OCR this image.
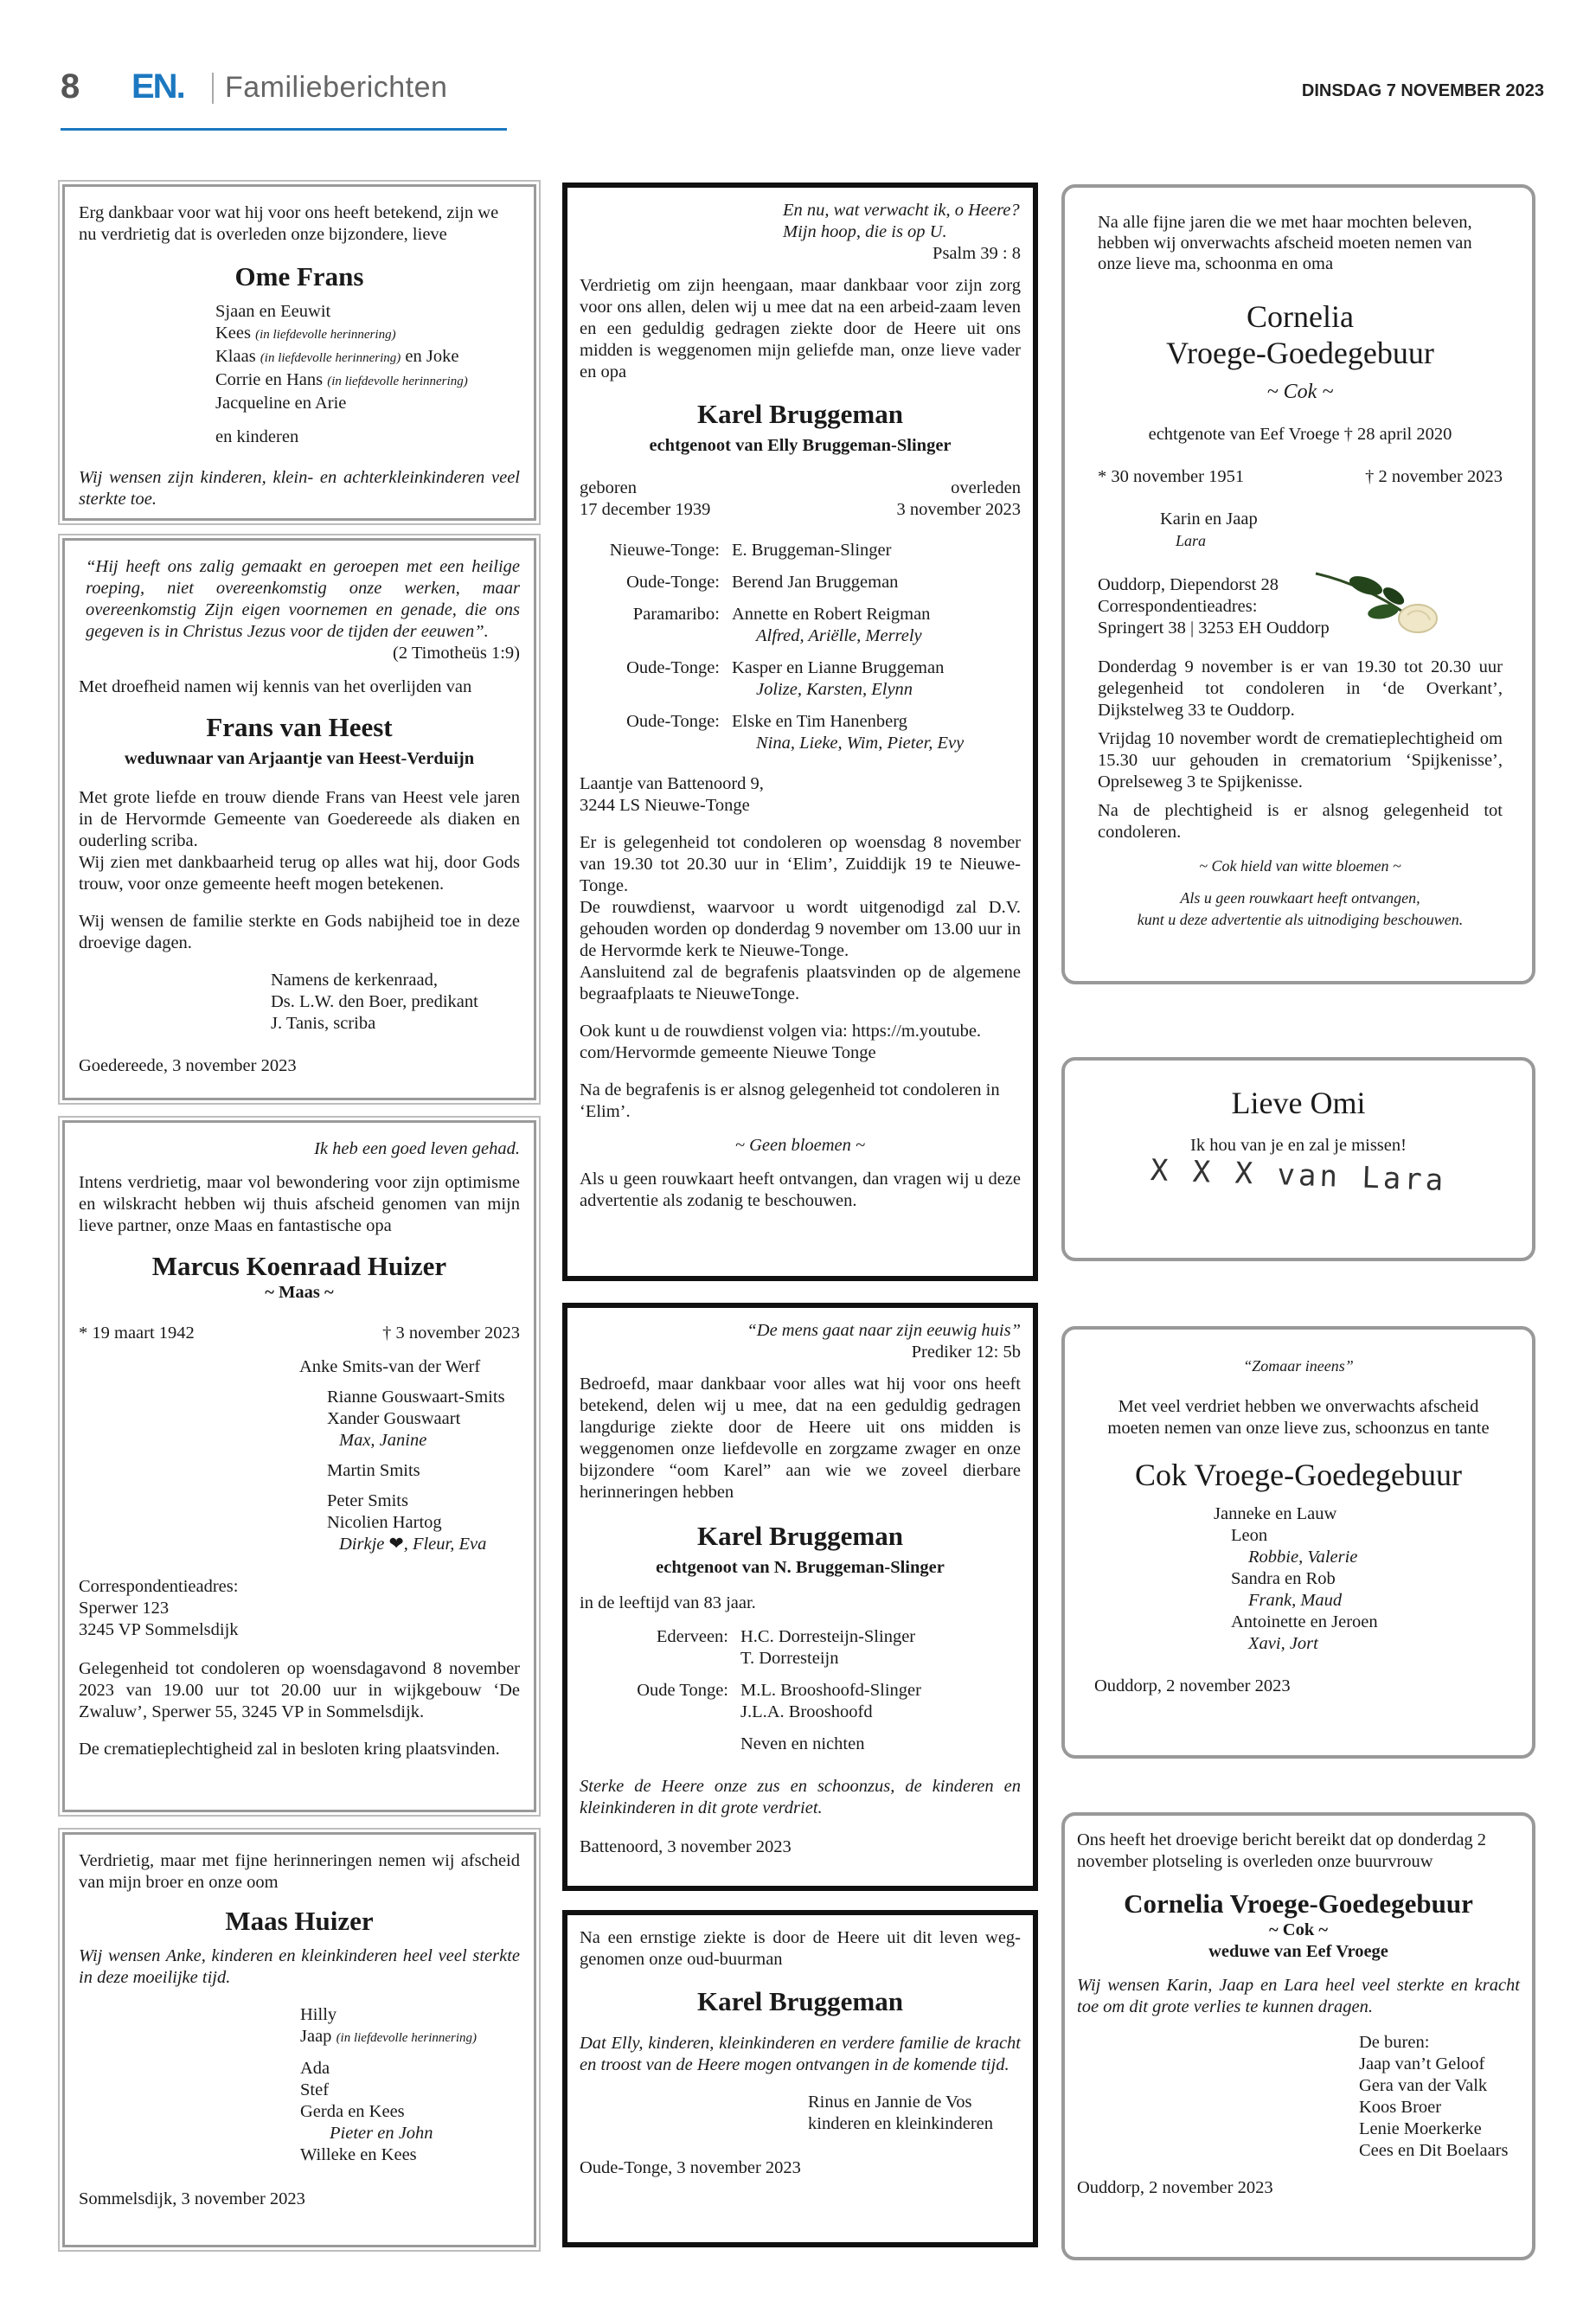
8 EN. Familieberichten	DINSDAG 7 NOVEMBER 2023

Erg dankbaar voor wat hij voor ons heeft betekend, zijn we nu verdrietig dat is overleden onze bijzondere, lieve

Ome Frans

Sjaan en Eeuwit

Kees (in liefdevolle herinnering)

Klaas (in liefdevolle herinnering) en Joke

Corrie en Hans (in liefdevolle herinnering)

Jacqueline en Arie

en kinderen

Wij wensen zijn kinderen, klein- en achterkleinkinderen veel sterkte toe.

“Hij heeft ons zalig gemaakt en geroepen met een heilige roeping, niet overeenkomstig onze werken, maar overeenkomstig Zijn eigen voornemen en genade, die ons gegeven is in Christus Jezus voor de tijden der eeuwen”.

(2 Timotheüs 1:9)

Met droefheid namen wij kennis van het overlijden van

Frans van Heest
weduwnaar van Arjaantje van Heest-Verduijn

Met grote liefde en trouw diende Frans van Heest vele jaren in de Hervormde Gemeente van Goedereede als diaken en ouderling scriba.

Wij zien met dankbaarheid terug op alles wat hij, door Gods trouw, voor onze gemeente heeft mogen betekenen.

Wij wensen de familie sterkte en Gods nabijheid toe in deze droevige dagen.

Namens de kerkenraad,

Ds. L.W. den Boer, predikant

J. Tanis, scriba

Goedereede, 3 november 2023

Ik heb een goed leven gehad.

Intens verdrietig, maar vol bewondering voor zijn optimisme en wilskracht hebben wij thuis afscheid genomen van mijn lieve partner, onze Maas en fantastische opa

Marcus Koenraad Huizer
~ Maas ~
* 19 maart 1942	† 3 november 2023

Anke Smits-van der Werf

Rianne Gouswaart-Smits

Xander Gouswaart

Max, Janine

Martin Smits

Peter Smits

Nicolien Hartog

Dirkje ❤, Fleur, Eva

Correspondentieadres:

Sperwer 123

3245 VP Sommelsdijk

Gelegenheid tot condoleren op woensdagavond 8 november 2023 van 19.00 uur tot 20.00 uur in wijkgebouw ‘De Zwaluw’, Sperwer 55, 3245 VP in Sommelsdijk.

De crematieplechtigheid zal in besloten kring plaatsvinden.

Verdrietig, maar met fijne herinneringen nemen wij afscheid van mijn broer en onze oom

Maas Huizer

Wij wensen Anke, kinderen en kleinkinderen heel veel sterkte in deze moeilijke tijd.

Hilly

Jaap (in liefdevolle herinnering)

Ada

Stef

Gerda en Kees

Pieter en John

Willeke en Kees

Sommelsdijk, 3 november 2023

En nu, wat verwacht ik, o Heere?

Mijn hoop, die is op U.

Psalm 39 : 8

Verdrietig om zijn heengaan, maar dankbaar voor zijn zorg voor ons allen, delen wij u mee dat na een arbeid-zaam leven en een geduldig gedragen ziekte door de Heere uit ons midden is weggenomen mijn geliefde man, onze lieve vader en opa

Karel Bruggeman
echtgenoot van Elly Bruggeman-Slinger
geboren	overleden
17 december 1939	3 november 2023
Nieuwe-Tonge: E. Bruggeman-Slinger
Oude-Tonge: Berend Jan Bruggeman
Paramaribo: Annette en Robert Reigman
Alfred, Ariëlle, Merrely
Oude-Tonge: Kasper en Lianne Bruggeman
Jolize, Karsten, Elynn
Oude-Tonge: Elske en Tim Hanenberg
Nina, Lieke, Wim, Pieter, Evy

Laantje van Battenoord 9,

3244 LS Nieuwe-Tonge

Er is gelegenheid tot condoleren op woensdag 8 november van 19.30 tot 20.30 uur in ‘Elim’, Zuiddijk 19 te Nieuwe-Tonge.

De rouwdienst, waarvoor u wordt uitgenodigd zal D.V. gehouden worden op donderdag 9 november om 13.00 uur in de Hervormde kerk te Nieuwe-Tonge.

Aansluitend zal de begrafenis plaatsvinden op de algemene begraafplaats te NieuweTonge.

Ook kunt u de rouwdienst volgen via: https://m.youtube. com/Hervormde gemeente Nieuwe Tonge

Na de begrafenis is er alsnog gelegenheid tot condoleren in ‘Elim’.

~ Geen bloemen ~

Als u geen rouwkaart heeft ontvangen, dan vragen wij u deze advertentie als zodanig te beschouwen.

“De mens gaat naar zijn eeuwig huis”

Prediker 12: 5b

Bedroefd, maar dankbaar voor alles wat hij voor ons heeft betekend, delen wij u mee, dat na een geduldig gedragen langdurige ziekte door de Heere uit ons midden is weggenomen onze liefdevolle en zorgzame zwager en onze bijzondere “oom Karel” aan wie we zoveel dierbare herinneringen hebben

Karel Bruggeman
echtgenoot van N. Bruggeman-Slinger

in de leeftijd van 83 jaar.

Ederveen: H.C. Dorresteijn-Slinger
T. Dorresteijn
Oude Tonge: M.L. Brooshoofd-Slinger
J.L.A. Brooshoofd
Neven en nichten

Sterke de Heere onze zus en schoonzus, de kinderen en kleinkinderen in dit grote verdriet.

Battenoord, 3 november 2023

Na een ernstige ziekte is door de Heere uit dit leven weg-genomen onze oud-buurman

Karel Bruggeman

Dat Elly, kinderen, kleinkinderen en verdere familie de kracht en troost van de Heere mogen ontvangen in de komende tijd.

Rinus en Jannie de Vos

kinderen en kleinkinderen

Oude-Tonge, 3 november 2023

Na alle fijne jaren die we met haar mochten beleven, hebben wij onverwachts afscheid moeten nemen van onze lieve ma, schoonma en oma

Cornelia
Vroege-Goedegebuur
~ Cok ~

echtgenote van Eef Vroege † 28 april 2020

* 30 november 1951	† 2 november 2023

Karin en Jaap

Lara

Ouddorp, Diependorst 28

Correspondentieadres:

Springert 38 | 3253 EH Ouddorp

Donderdag 9 november is er van 19.30 tot 20.30 uur gelegenheid tot condoleren in ‘de Overkant’, Dijkstelweg 33 te Ouddorp.

Vrijdag 10 november wordt de crematieplechtigheid om 15.30 uur gehouden in crematorium ‘Spijkenisse’, Oprelseweg 3 te Spijkenisse.

Na de plechtigheid is er alsnog gelegenheid tot condoleren.

~ Cok hield van witte bloemen ~

Als u geen rouwkaart heeft ontvangen,

kunt u deze advertentie als uitnodiging beschouwen.

Lieve Omi

Ik hou van je en zal je missen!

X X X van Lara

“Zomaar ineens”

Met veel verdriet hebben we onverwachts afscheid moeten nemen van onze lieve zus, schoonzus en tante

Cok Vroege-Goedegebuur

Janneke en Lauw

Leon

Robbie, Valerie

Sandra en Rob

Frank, Maud

Antoinette en Jeroen

Xavi, Jort

Ouddorp, 2 november 2023

Ons heeft het droevige bericht bereikt dat op donderdag 2 november plotseling is overleden onze buurvrouw

Cornelia Vroege-Goedegebuur
~ Cok ~
weduwe van Eef Vroege

Wij wensen Karin, Jaap en Lara heel veel sterkte en kracht toe om dit grote verlies te kunnen dragen.

De buren:

Jaap van’t Geloof

Gera van der Valk

Koos Broer

Lenie Moerkerke

Cees en Dit Boelaars

Ouddorp, 2 november 2023
